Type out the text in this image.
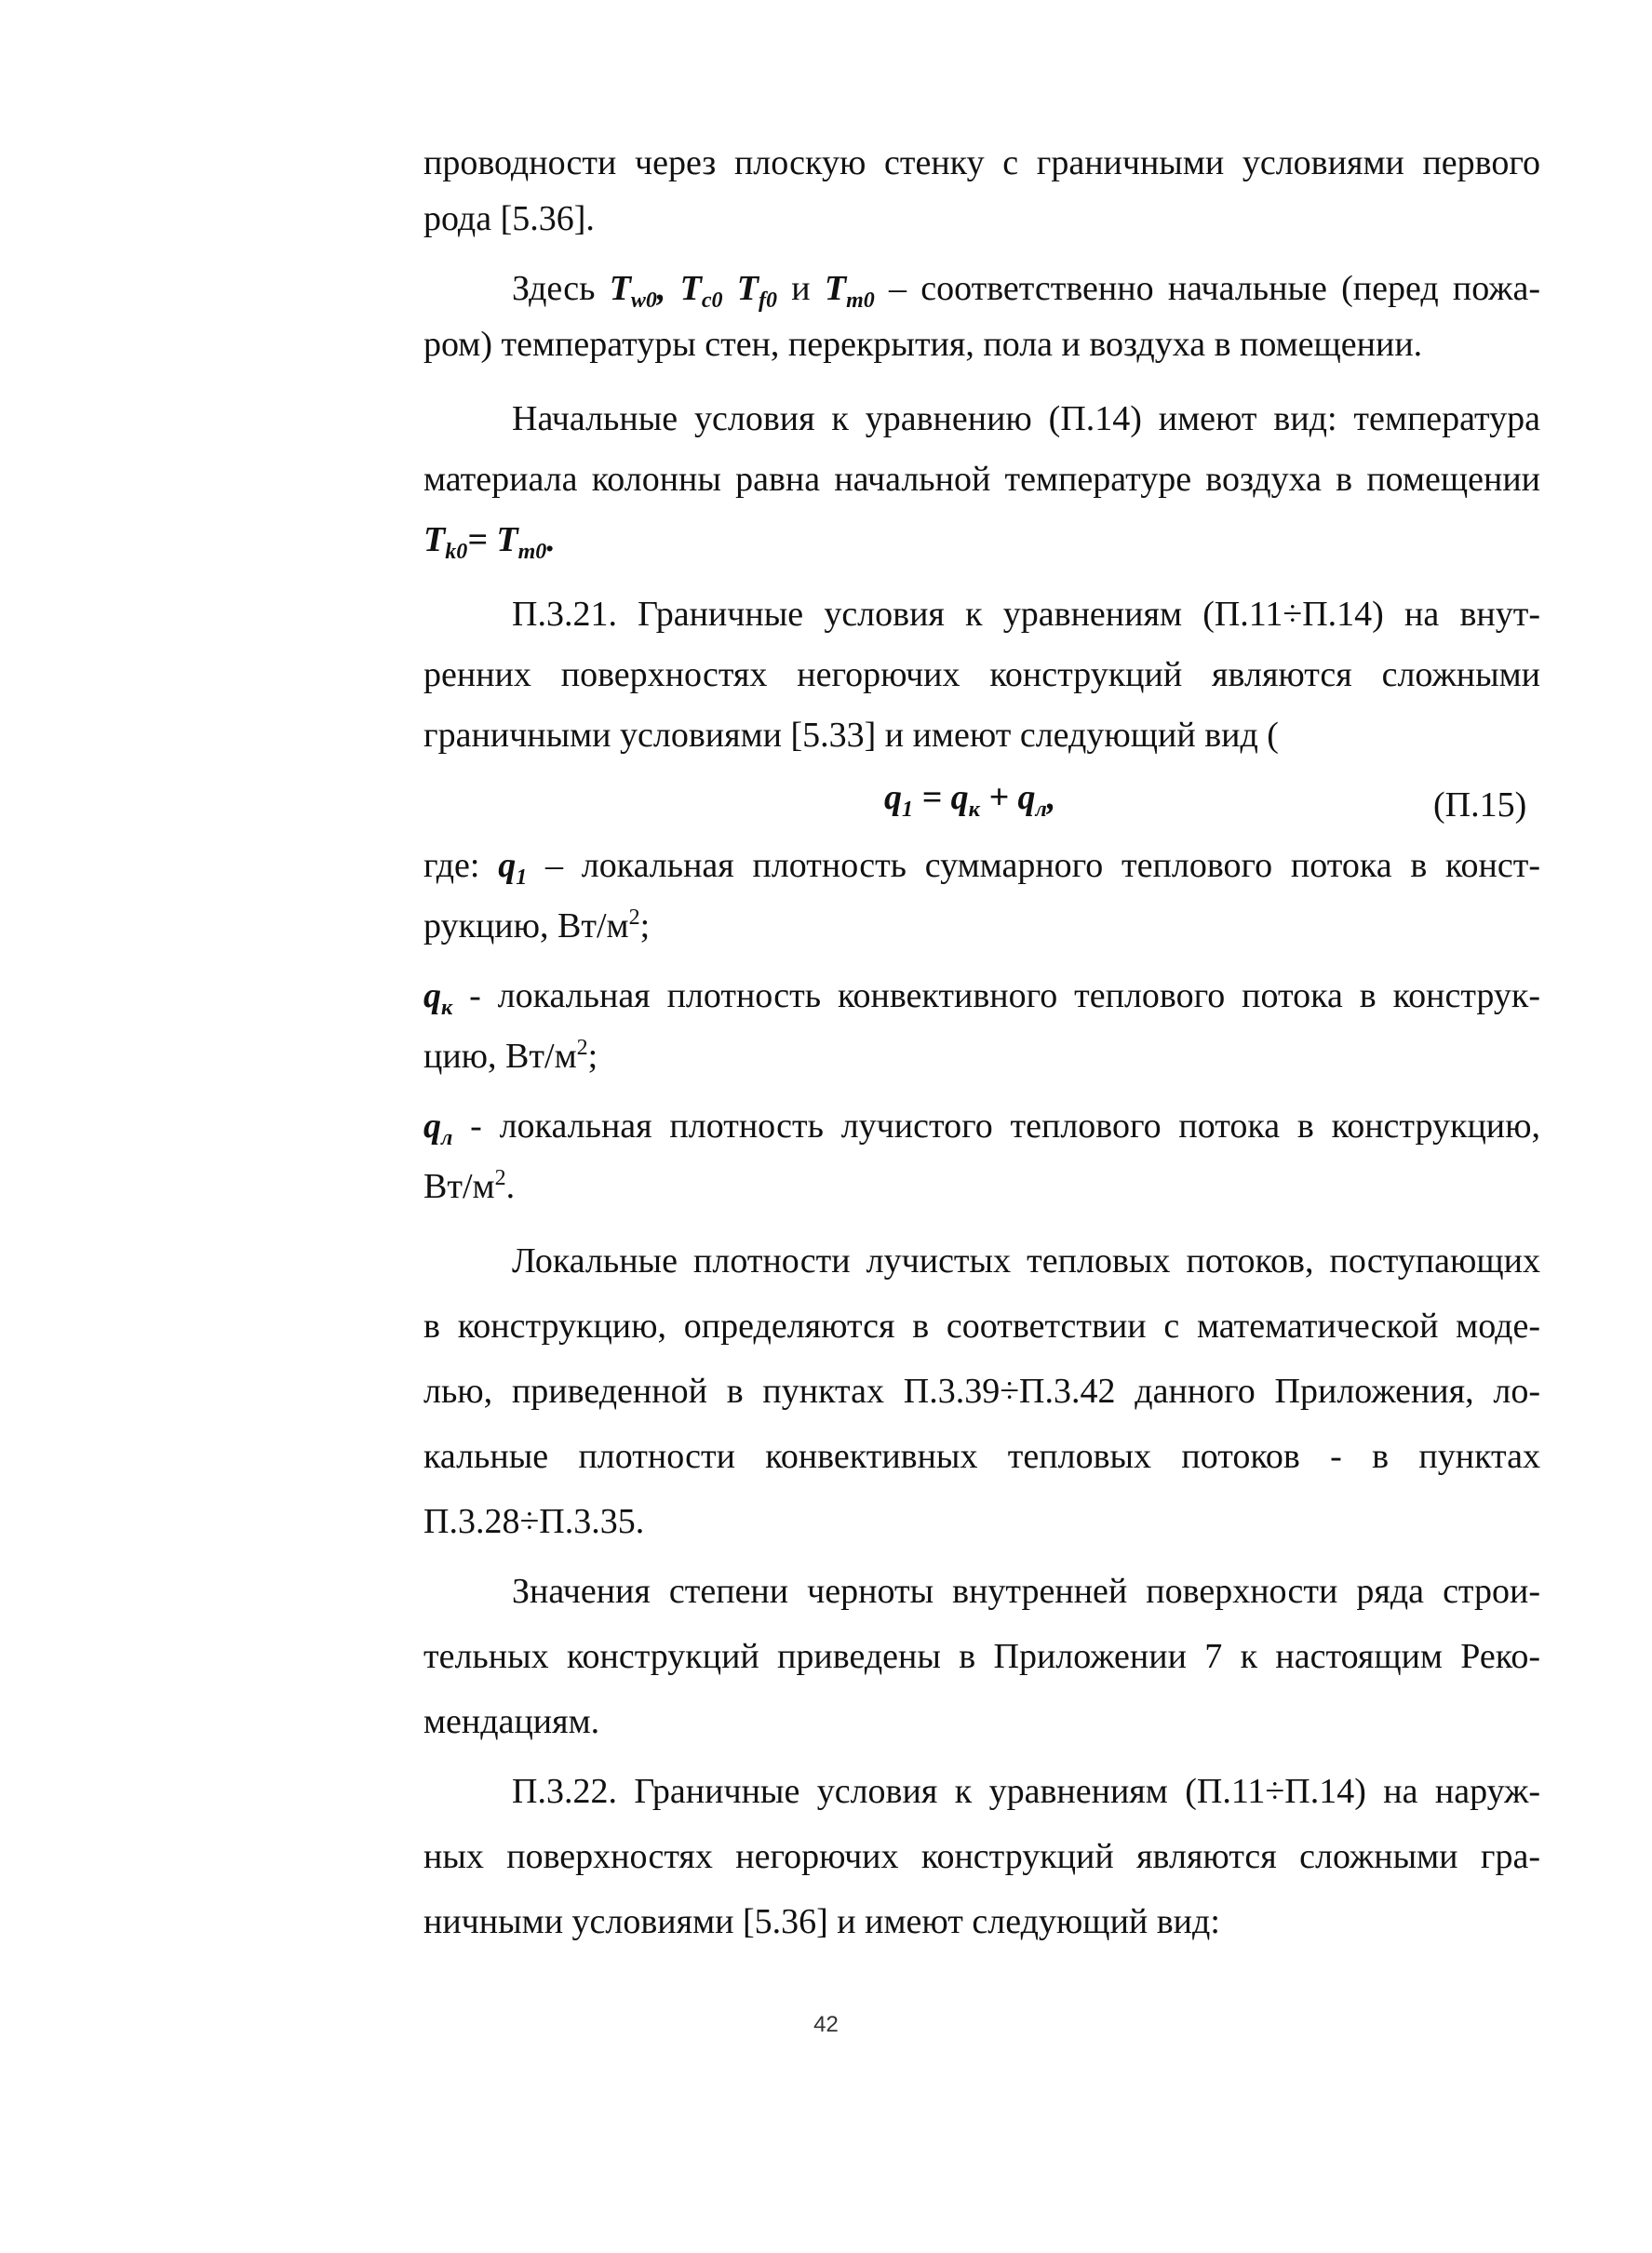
проводности через плоскую стенку с граничными условиями первого
рода [5.36].
Здесь $T_{w0}$, $T_{c0}$ $T_{f0}$ и $T_{m0}$ – соответственно начальные (перед пожа-
ром) температуры стен, перекрытия, пола и воздуха в помещении.
Начальные условия к уравнению (П.14) имеют вид: температура
материала колонны равна начальной температуре воздуха в помещении
$T_{k0}= T_{m0}$.
П.3.21. Граничные условия к уравнениям (П.11÷П.14) на внут-
ренних поверхностях негорючих конструкций являются сложными
граничными условиями [5.33] и имеют следующий вид (
$q_1 = q_к + q_л$,	(П.15)
где: $q_1$ – локальная плотность суммарного теплового потока в конст-
рукцию, $Вт/м^2$;
$q_к$ - локальная плотность конвективного теплового потока в конструк-
цию, $Вт/м^2$;
$q_л$ - локальная плотность лучистого теплового потока в конструкцию,
$Вт/м^2$.
Локальные плотности лучистых тепловых потоков, поступающих
в конструкцию, определяются в соответствии с математической моде-
лью, приведенной в пунктах П.3.39÷П.3.42 данного Приложения, ло-
кальные плотности конвективных тепловых потоков - в пунктах
П.3.28÷П.3.35.
Значения степени черноты внутренней поверхности ряда строи-
тельных конструкций приведены в Приложении 7 к настоящим Реко-
мендациям.
П.3.22. Граничные условия к уравнениям (П.11÷П.14) на наруж-
ных поверхностях негорючих конструкций являются сложными гра-
ничными условиями [5.36] и имеют следующий вид:
42
